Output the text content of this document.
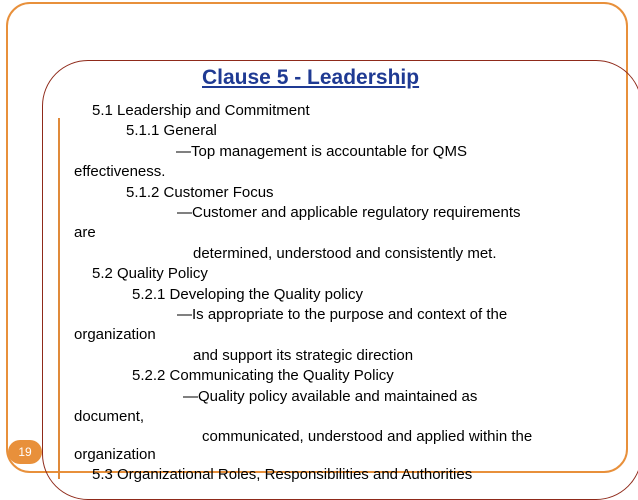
Clause 5 - Leadership
5.1 Leadership and Commitment
5.1.1 General
—Top management is accountable for QMS
effectiveness.
5.1.2 Customer Focus
—Customer and applicable regulatory requirements
are
determined, understood and consistently met.
5.2 Quality Policy
5.2.1 Developing the Quality policy
—Is appropriate to the purpose and context of the
organization
and support its strategic direction
5.2.2 Communicating the Quality Policy
—Quality policy available and maintained as
document,
communicated, understood and applied within the
organization
5.3 Organizational Roles, Responsibilities and Authorities
19
